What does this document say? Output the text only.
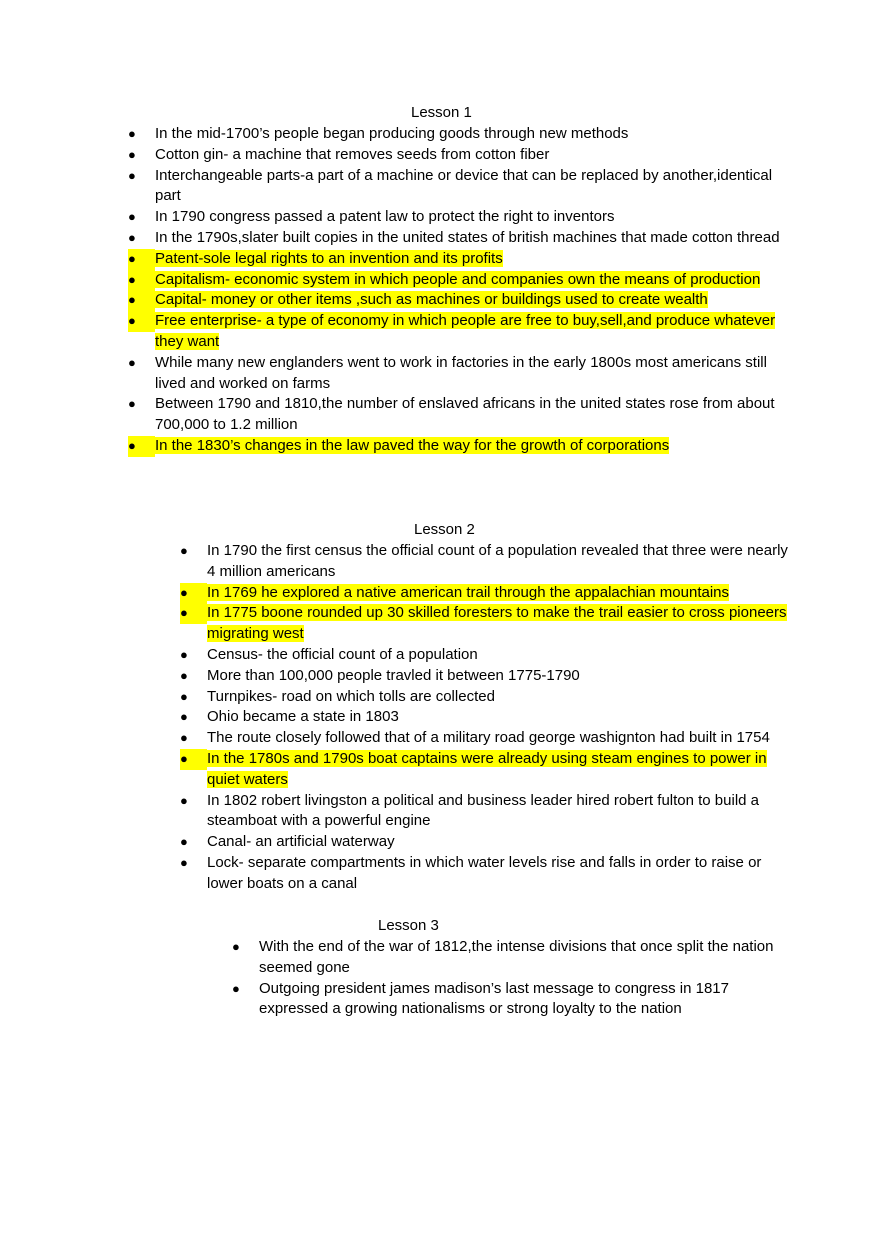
Lesson 1
●	In the mid-1700’s people began producing goods through new methods
●	Cotton gin- a machine that removes seeds from cotton fiber
●	Interchangeable parts-a part of a machine or device that can be replaced by another,identical part
●	In 1790 congress passed a patent law to protect the right to inventors
●	In the 1790s,slater built copies in the united states of british machines that made cotton thread
●	Patent-sole legal rights to an invention and its profits
●	Capitalism- economic system in which people and companies own the means of production
●	Capital- money or other items ,such as machines or buildings used to create wealth
●	Free enterprise- a type of economy in which people are free to buy,sell,and produce whatever they want
●	While many new englanders went to work in factories in the early 1800s most americans still lived and worked on farms
●	Between 1790 and 1810,the number of enslaved africans in the united states rose from about 700,000 to 1.2 million
●	In the 1830’s changes in the law paved the way for the growth of corporations
Lesson 2
●	In 1790 the first census the official count of a population revealed that three were nearly 4 million americans
●	In 1769 he explored a native american trail through the appalachian mountains
●	In 1775 boone rounded up 30 skilled foresters to make the trail easier to cross pioneers migrating west
●	Census- the official count of a population
●	More than 100,000 people travled it between 1775-1790
●	Turnpikes- road on which tolls are collected
●	Ohio became a state in 1803
●	The route closely followed that of a military road george washignton had built in 1754
●	In the 1780s and 1790s boat captains were already using steam engines to power in quiet waters
●	In 1802 robert livingston a political and business leader hired robert fulton to build a steamboat with a powerful engine
●	Canal- an artificial waterway
●	Lock- separate compartments in which water levels rise and falls in order to raise or lower boats on a canal
Lesson 3
●	With the end of the war of 1812,the intense divisions that once split the nation seemed gone
●	Outgoing president james madison’s last message to congress in 1817 expressed a growing nationalisms or strong loyalty to the nation
